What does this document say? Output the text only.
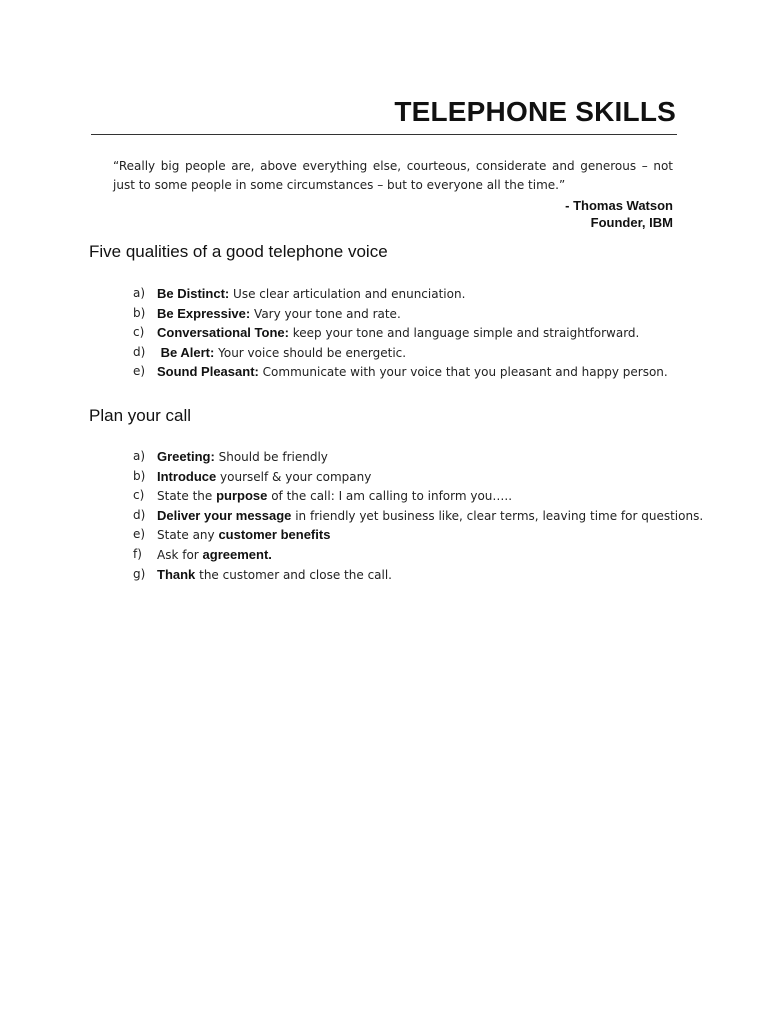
TELEPHONE SKILLS
“Really big people are, above everything else, courteous, considerate and generous – not just to some people in some circumstances – but to everyone all the time.”
- Thomas Watson
Founder, IBM
Five qualities of a good telephone voice
a) Be Distinct: Use clear articulation and enunciation.
b) Be Expressive: Vary your tone and rate.
c) Conversational Tone: keep your tone and language simple and straightforward.
d) Be Alert: Your voice should be energetic.
e) Sound Pleasant: Communicate with your voice that you pleasant and happy person.
Plan your call
a) Greeting: Should be friendly
b) Introduce yourself & your company
c)	State the purpose of the call: I am calling to inform you…..
d) Deliver your message in friendly yet business like, clear terms, leaving time for questions.
e) State any customer benefits
f)	Ask for agreement.
g) Thank the customer and close the call.
